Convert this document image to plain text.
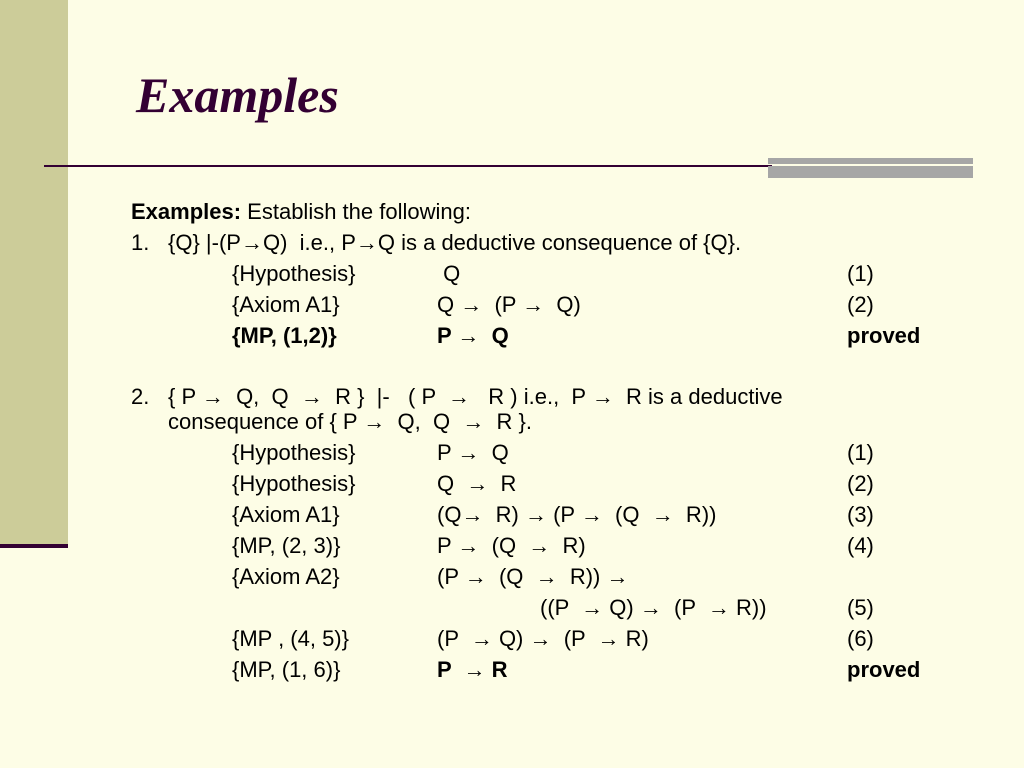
Examples
Examples: Establish the following:
1. {Q} |-(P→Q)  i.e., P→Q is a deductive consequence of {Q}.
{Hypothesis}	Q	(1)
{Axiom A1}	Q →  (P →  Q)	(2)
{MP, (1,2)}	P →  Q	proved
2. { P →  Q,  Q  →  R }  |-   ( P  →   R ) i.e.,  P →  R is a deductive
consequence of { P →  Q,  Q  →  R }.
{Hypothesis}	P →  Q	(1)
{Hypothesis}	Q  →  R	(2)
{Axiom A1}	(Q→  R) → (P →  (Q  →  R))	(3)
{MP, (2, 3)}	P →  (Q  →  R)	(4)
{Axiom A2}	(P →  (Q  →  R)) →
((P  → Q) →  (P  → R))	(5)
{MP , (4, 5)}	(P  → Q) →  (P  → R)	(6)
{MP, (1, 6)}	P  → R	proved
